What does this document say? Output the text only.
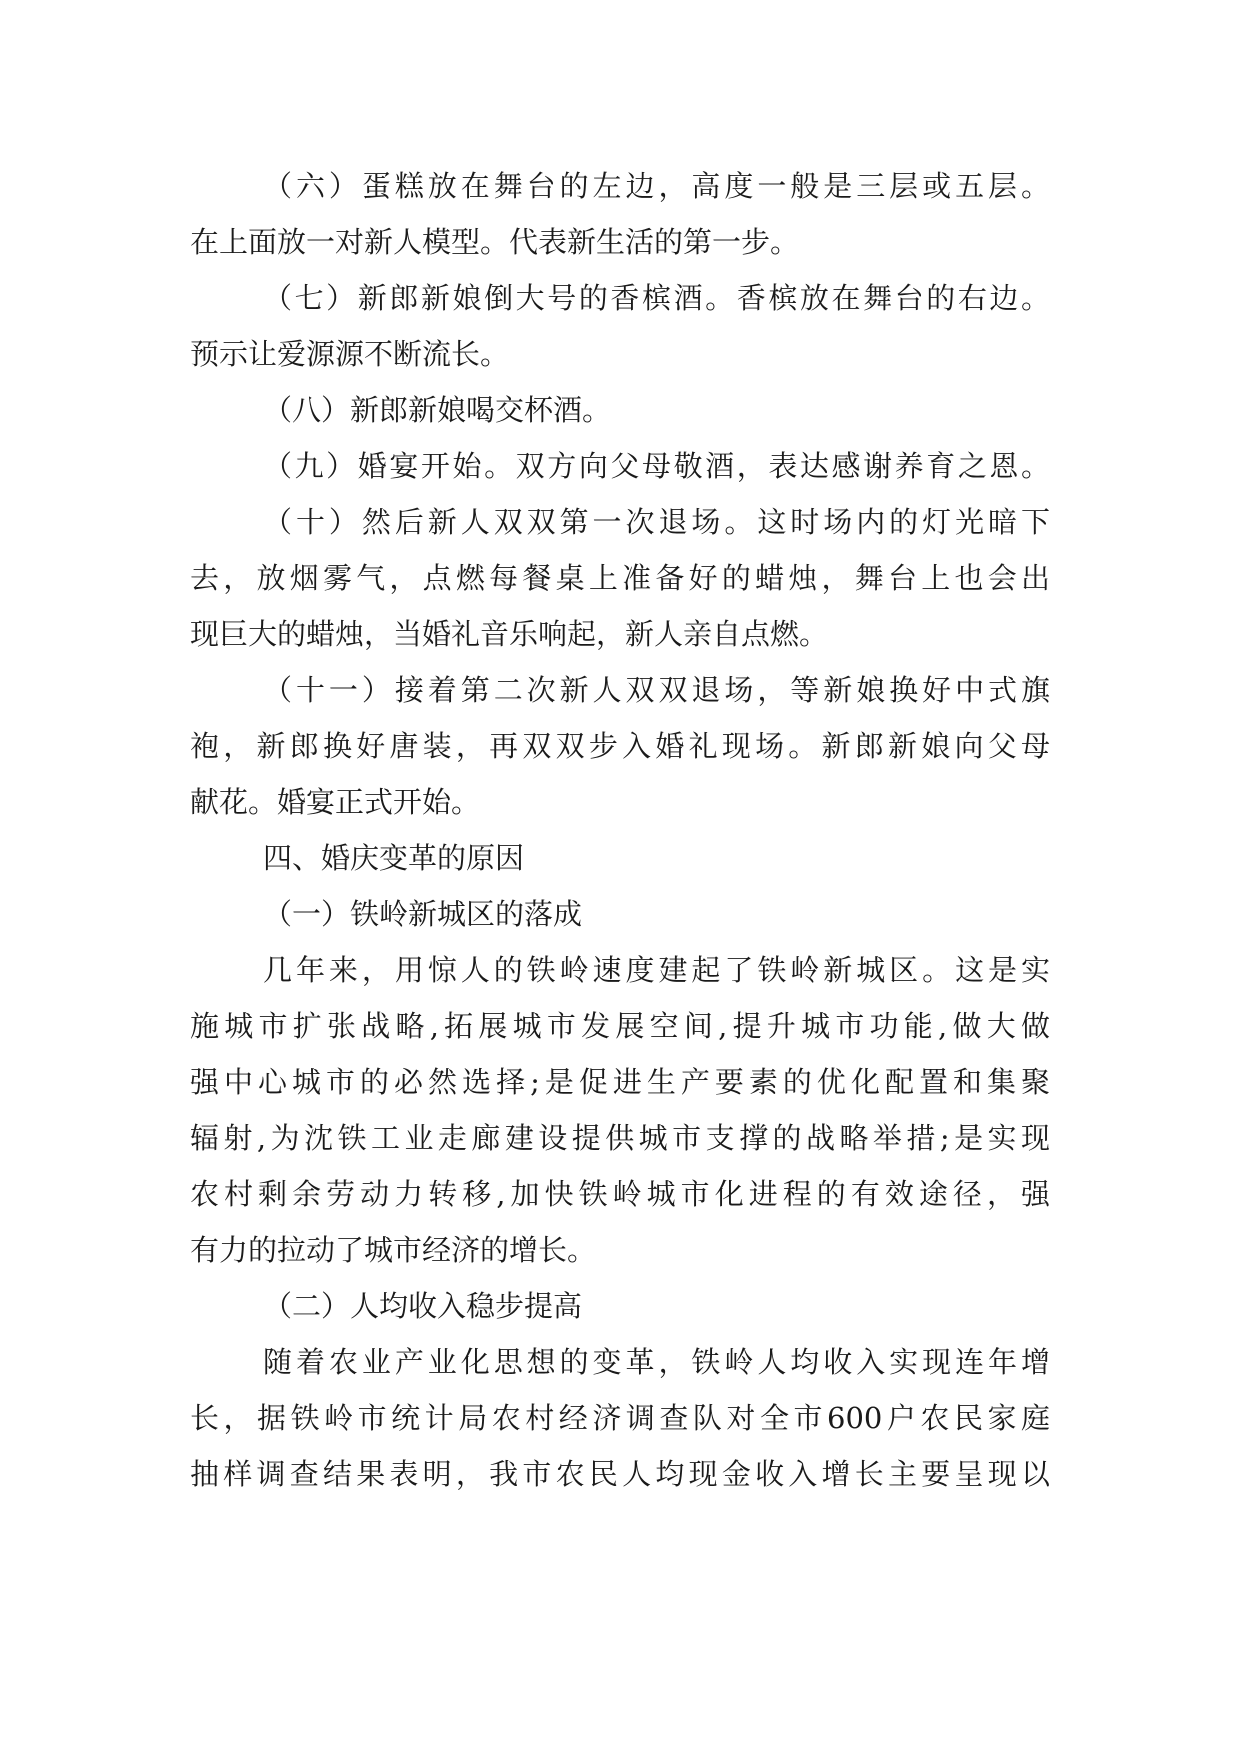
（六）蛋糕放在舞台的左边，高度一般是三层或五层。
在上面放一对新人模型。代表新生活的第一步。
（七）新郎新娘倒大号的香槟酒。香槟放在舞台的右边。
预示让爱源源不断流长。
（八）新郎新娘喝交杯酒。
（九）婚宴开始。双方向父母敬酒，表达感谢养育之恩。
（十）然后新人双双第一次退场。这时场内的灯光暗下
去，放烟雾气，点燃每餐桌上准备好的蜡烛，舞台上也会出
现巨大的蜡烛，当婚礼音乐响起，新人亲自点燃。
（十一）接着第二次新人双双退场，等新娘换好中式旗
袍，新郎换好唐装，再双双步入婚礼现场。新郎新娘向父母
献花。婚宴正式开始。
四、婚庆变革的原因
（一）铁岭新城区的落成
几年来，用惊人的铁岭速度建起了铁岭新城区。这是实
施城市扩张战略,拓展城市发展空间,提升城市功能,做大做
强中心城市的必然选择;是促进生产要素的优化配置和集聚
辐射,为沈铁工业走廊建设提供城市支撑的战略举措;是实现
农村剩余劳动力转移,加快铁岭城市化进程的有效途径，强
有力的拉动了城市经济的增长。
（二）人均收入稳步提高
随着农业产业化思想的变革，铁岭人均收入实现连年增
长，据铁岭市统计局农村经济调查队对全市600户农民家庭
抽样调查结果表明，我市农民人均现金收入增长主要呈现以
